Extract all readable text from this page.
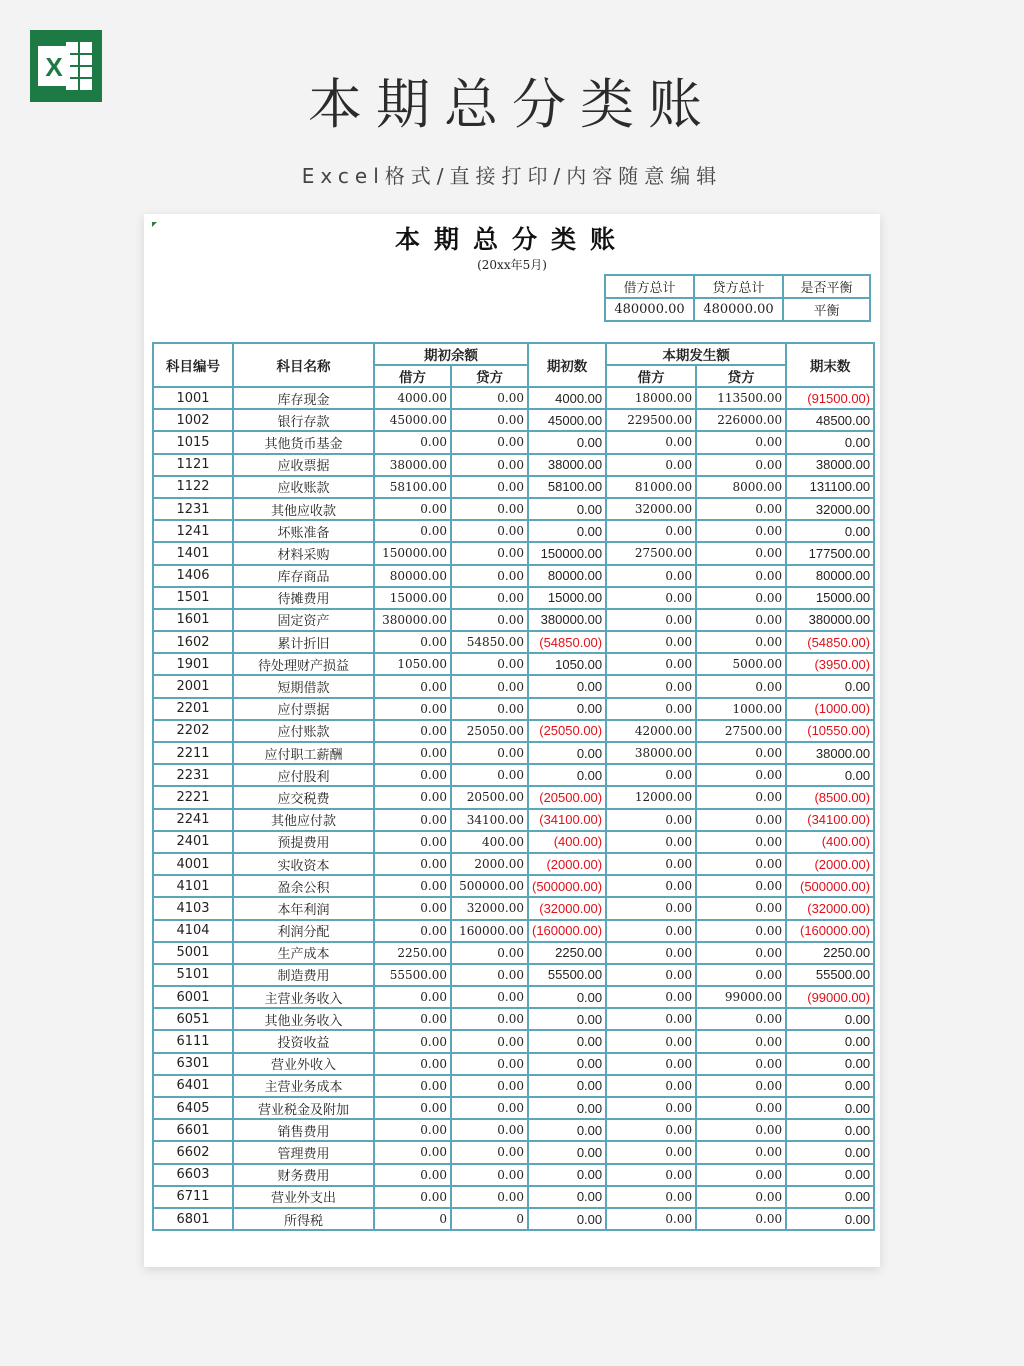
X
本期总分类账
Excel格式/直接打印/内容随意编辑
本期总分类账
(20xx年5月)
借方总计	贷方总计	是否平衡
480000.00	480000.00	平衡
科目编号	科目名称	期初余额		期初数	本期发生额		期末数
		借方	贷方		借方	贷方	
1001	库存现金	4000.00	0.00	4000.00	18000.00	113500.00	(91500.00)
1002	银行存款	45000.00	0.00	45000.00	229500.00	226000.00	48500.00
1015	其他货币基金	0.00	0.00	0.00	0.00	0.00	0.00
1121	应收票据	38000.00	0.00	38000.00	0.00	0.00	38000.00
1122	应收账款	58100.00	0.00	58100.00	81000.00	8000.00	131100.00
1231	其他应收款	0.00	0.00	0.00	32000.00	0.00	32000.00
1241	坏账准备	0.00	0.00	0.00	0.00	0.00	0.00
1401	材料采购	150000.00	0.00	150000.00	27500.00	0.00	177500.00
1406	库存商品	80000.00	0.00	80000.00	0.00	0.00	80000.00
1501	待摊费用	15000.00	0.00	15000.00	0.00	0.00	15000.00
1601	固定资产	380000.00	0.00	380000.00	0.00	0.00	380000.00
1602	累计折旧	0.00	54850.00	(54850.00)	0.00	0.00	(54850.00)
1901	待处理财产损益	1050.00	0.00	1050.00	0.00	5000.00	(3950.00)
2001	短期借款	0.00	0.00	0.00	0.00	0.00	0.00
2201	应付票据	0.00	0.00	0.00	0.00	1000.00	(1000.00)
2202	应付账款	0.00	25050.00	(25050.00)	42000.00	27500.00	(10550.00)
2211	应付职工薪酬	0.00	0.00	0.00	38000.00	0.00	38000.00
2231	应付股利	0.00	0.00	0.00	0.00	0.00	0.00
2221	应交税费	0.00	20500.00	(20500.00)	12000.00	0.00	(8500.00)
2241	其他应付款	0.00	34100.00	(34100.00)	0.00	0.00	(34100.00)
2401	预提费用	0.00	400.00	(400.00)	0.00	0.00	(400.00)
4001	实收资本	0.00	2000.00	(2000.00)	0.00	0.00	(2000.00)
4101	盈余公积	0.00	500000.00	(500000.00)	0.00	0.00	(500000.00)
4103	本年利润	0.00	32000.00	(32000.00)	0.00	0.00	(32000.00)
4104	利润分配	0.00	160000.00	(160000.00)	0.00	0.00	(160000.00)
5001	生产成本	2250.00	0.00	2250.00	0.00	0.00	2250.00
5101	制造费用	55500.00	0.00	55500.00	0.00	0.00	55500.00
6001	主营业务收入	0.00	0.00	0.00	0.00	99000.00	(99000.00)
6051	其他业务收入	0.00	0.00	0.00	0.00	0.00	0.00
6111	投资收益	0.00	0.00	0.00	0.00	0.00	0.00
6301	营业外收入	0.00	0.00	0.00	0.00	0.00	0.00
6401	主营业务成本	0.00	0.00	0.00	0.00	0.00	0.00
6405	营业税金及附加	0.00	0.00	0.00	0.00	0.00	0.00
6601	销售费用	0.00	0.00	0.00	0.00	0.00	0.00
6602	管理费用	0.00	0.00	0.00	0.00	0.00	0.00
6603	财务费用	0.00	0.00	0.00	0.00	0.00	0.00
6711	营业外支出	0.00	0.00	0.00	0.00	0.00	0.00
6801	所得税	0	0	0.00	0.00	0.00	0.00
